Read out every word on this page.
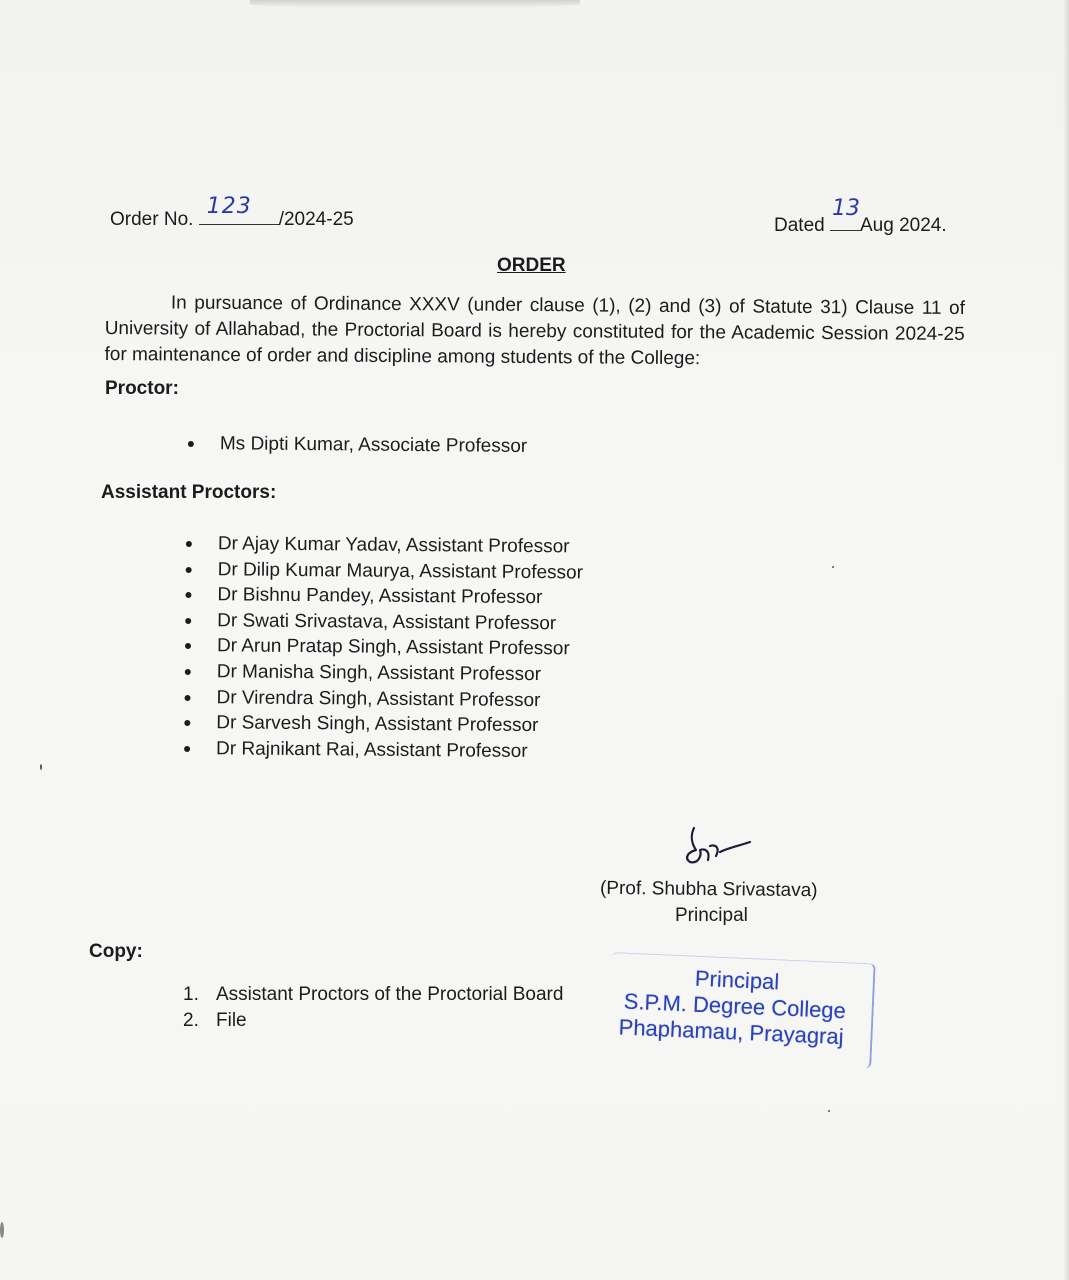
Order No.
123
/2024-25	Dated
13
Aug 2024.
ORDER
In pursuance of Ordinance XXXV (under clause (1), (2) and (3) of Statute 31) Clause 11 of University of Allahabad, the Proctorial Board is hereby constituted for the Academic Session 2024-25 for maintenance of order and discipline among students of the College:
Proctor:
Ms Dipti Kumar, Associate Professor
Assistant Proctors:
Dr Ajay Kumar Yadav, Assistant Professor
Dr Dilip Kumar Maurya, Assistant Professor
Dr Bishnu Pandey, Assistant Professor
Dr Swati Srivastava, Assistant Professor
Dr Arun Pratap Singh, Assistant Professor
Dr Manisha Singh, Assistant Professor
Dr Virendra Singh, Assistant Professor
Dr Sarvesh Singh, Assistant Professor
Dr Rajnikant Rai, Assistant Professor
(Prof. Shubha Srivastava)
Principal
Copy:
1. Assistant Proctors of the Proctorial Board
2. File
Principal
S.P.M. Degree College
Phaphamau, Prayagraj
